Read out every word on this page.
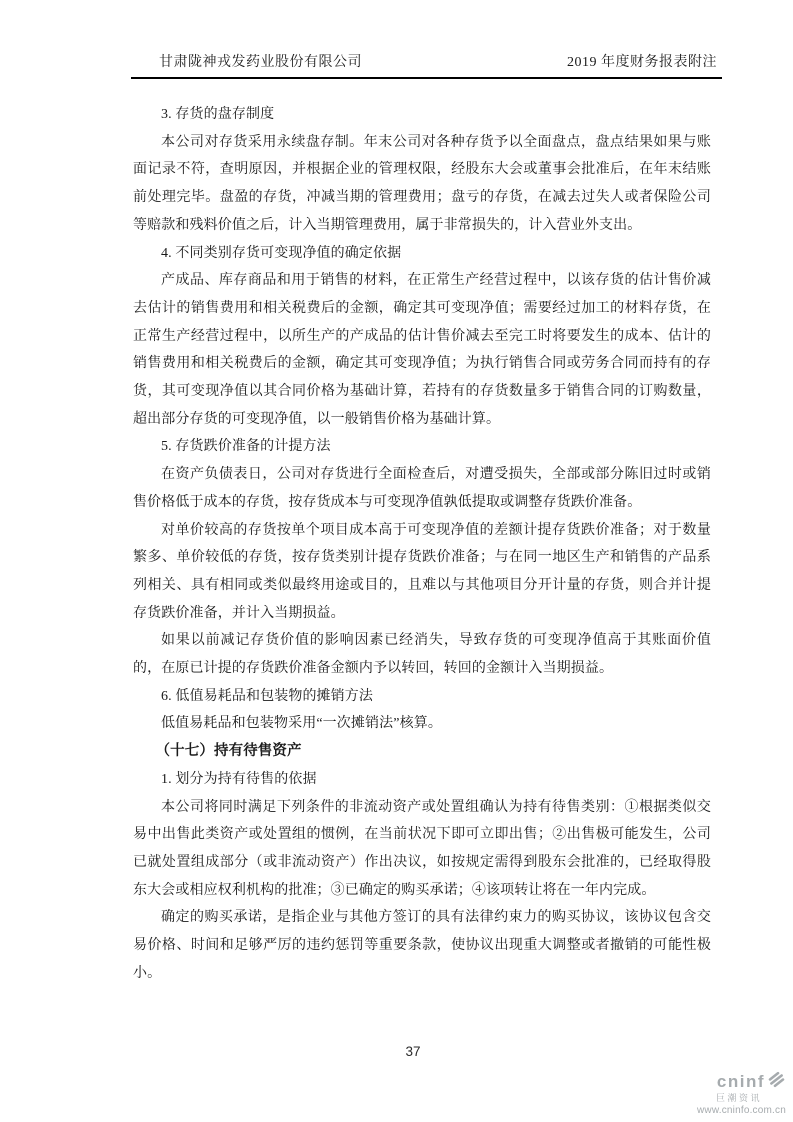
甘肃陇神戎发药业股份有限公司	2019 年度财务报表附注

3. 存货的盘存制度

本公司对存货采用永续盘存制。年末公司对各种存货予以全面盘点，盘点结果如果与账面记录不符，查明原因，并根据企业的管理权限，经股东大会或董事会批准后，在年末结账前处理完毕。盘盈的存货，冲减当期的管理费用；盘亏的存货，在减去过失人或者保险公司等赔款和残料价值之后，计入当期管理费用，属于非常损失的，计入营业外支出。

4. 不同类别存货可变现净值的确定依据

产成品、库存商品和用于销售的材料，在正常生产经营过程中，以该存货的估计售价减去估计的销售费用和相关税费后的金额，确定其可变现净值；需要经过加工的材料存货，在正常生产经营过程中，以所生产的产成品的估计售价减去至完工时将要发生的成本、估计的销售费用和相关税费后的金额，确定其可变现净值；为执行销售合同或劳务合同而持有的存货，其可变现净值以其合同价格为基础计算，若持有的存货数量多于销售合同的订购数量，超出部分存货的可变现净值，以一般销售价格为基础计算。

5. 存货跌价准备的计提方法

在资产负债表日，公司对存货进行全面检查后，对遭受损失，全部或部分陈旧过时或销售价格低于成本的存货，按存货成本与可变现净值孰低提取或调整存货跌价准备。

对单价较高的存货按单个项目成本高于可变现净值的差额计提存货跌价准备；对于数量繁多、单价较低的存货，按存货类别计提存货跌价准备；与在同一地区生产和销售的产品系列相关、具有相同或类似最终用途或目的，且难以与其他项目分开计量的存货，则合并计提存货跌价准备，并计入当期损益。

如果以前减记存货价值的影响因素已经消失，导致存货的可变现净值高于其账面价值的，在原已计提的存货跌价准备金额内予以转回，转回的金额计入当期损益。

6. 低值易耗品和包装物的摊销方法

低值易耗品和包装物采用“一次摊销法”核算。

（十七）持有待售资产

1. 划分为持有待售的依据

本公司将同时满足下列条件的非流动资产或处置组确认为持有待售类别：①根据类似交易中出售此类资产或处置组的惯例，在当前状况下即可立即出售；②出售极可能发生，公司已就处置组成部分（或非流动资产）作出决议，如按规定需得到股东会批准的，已经取得股东大会或相应权利机构的批准；③已确定的购买承诺；④该项转让将在一年内完成。

确定的购买承诺，是指企业与其他方签订的具有法律约束力的购买协议，该协议包含交易价格、时间和足够严厉的违约惩罚等重要条款，使协议出现重大调整或者撤销的可能性极小。

37
cninf
巨潮资讯
www.cninfo.com.cn
